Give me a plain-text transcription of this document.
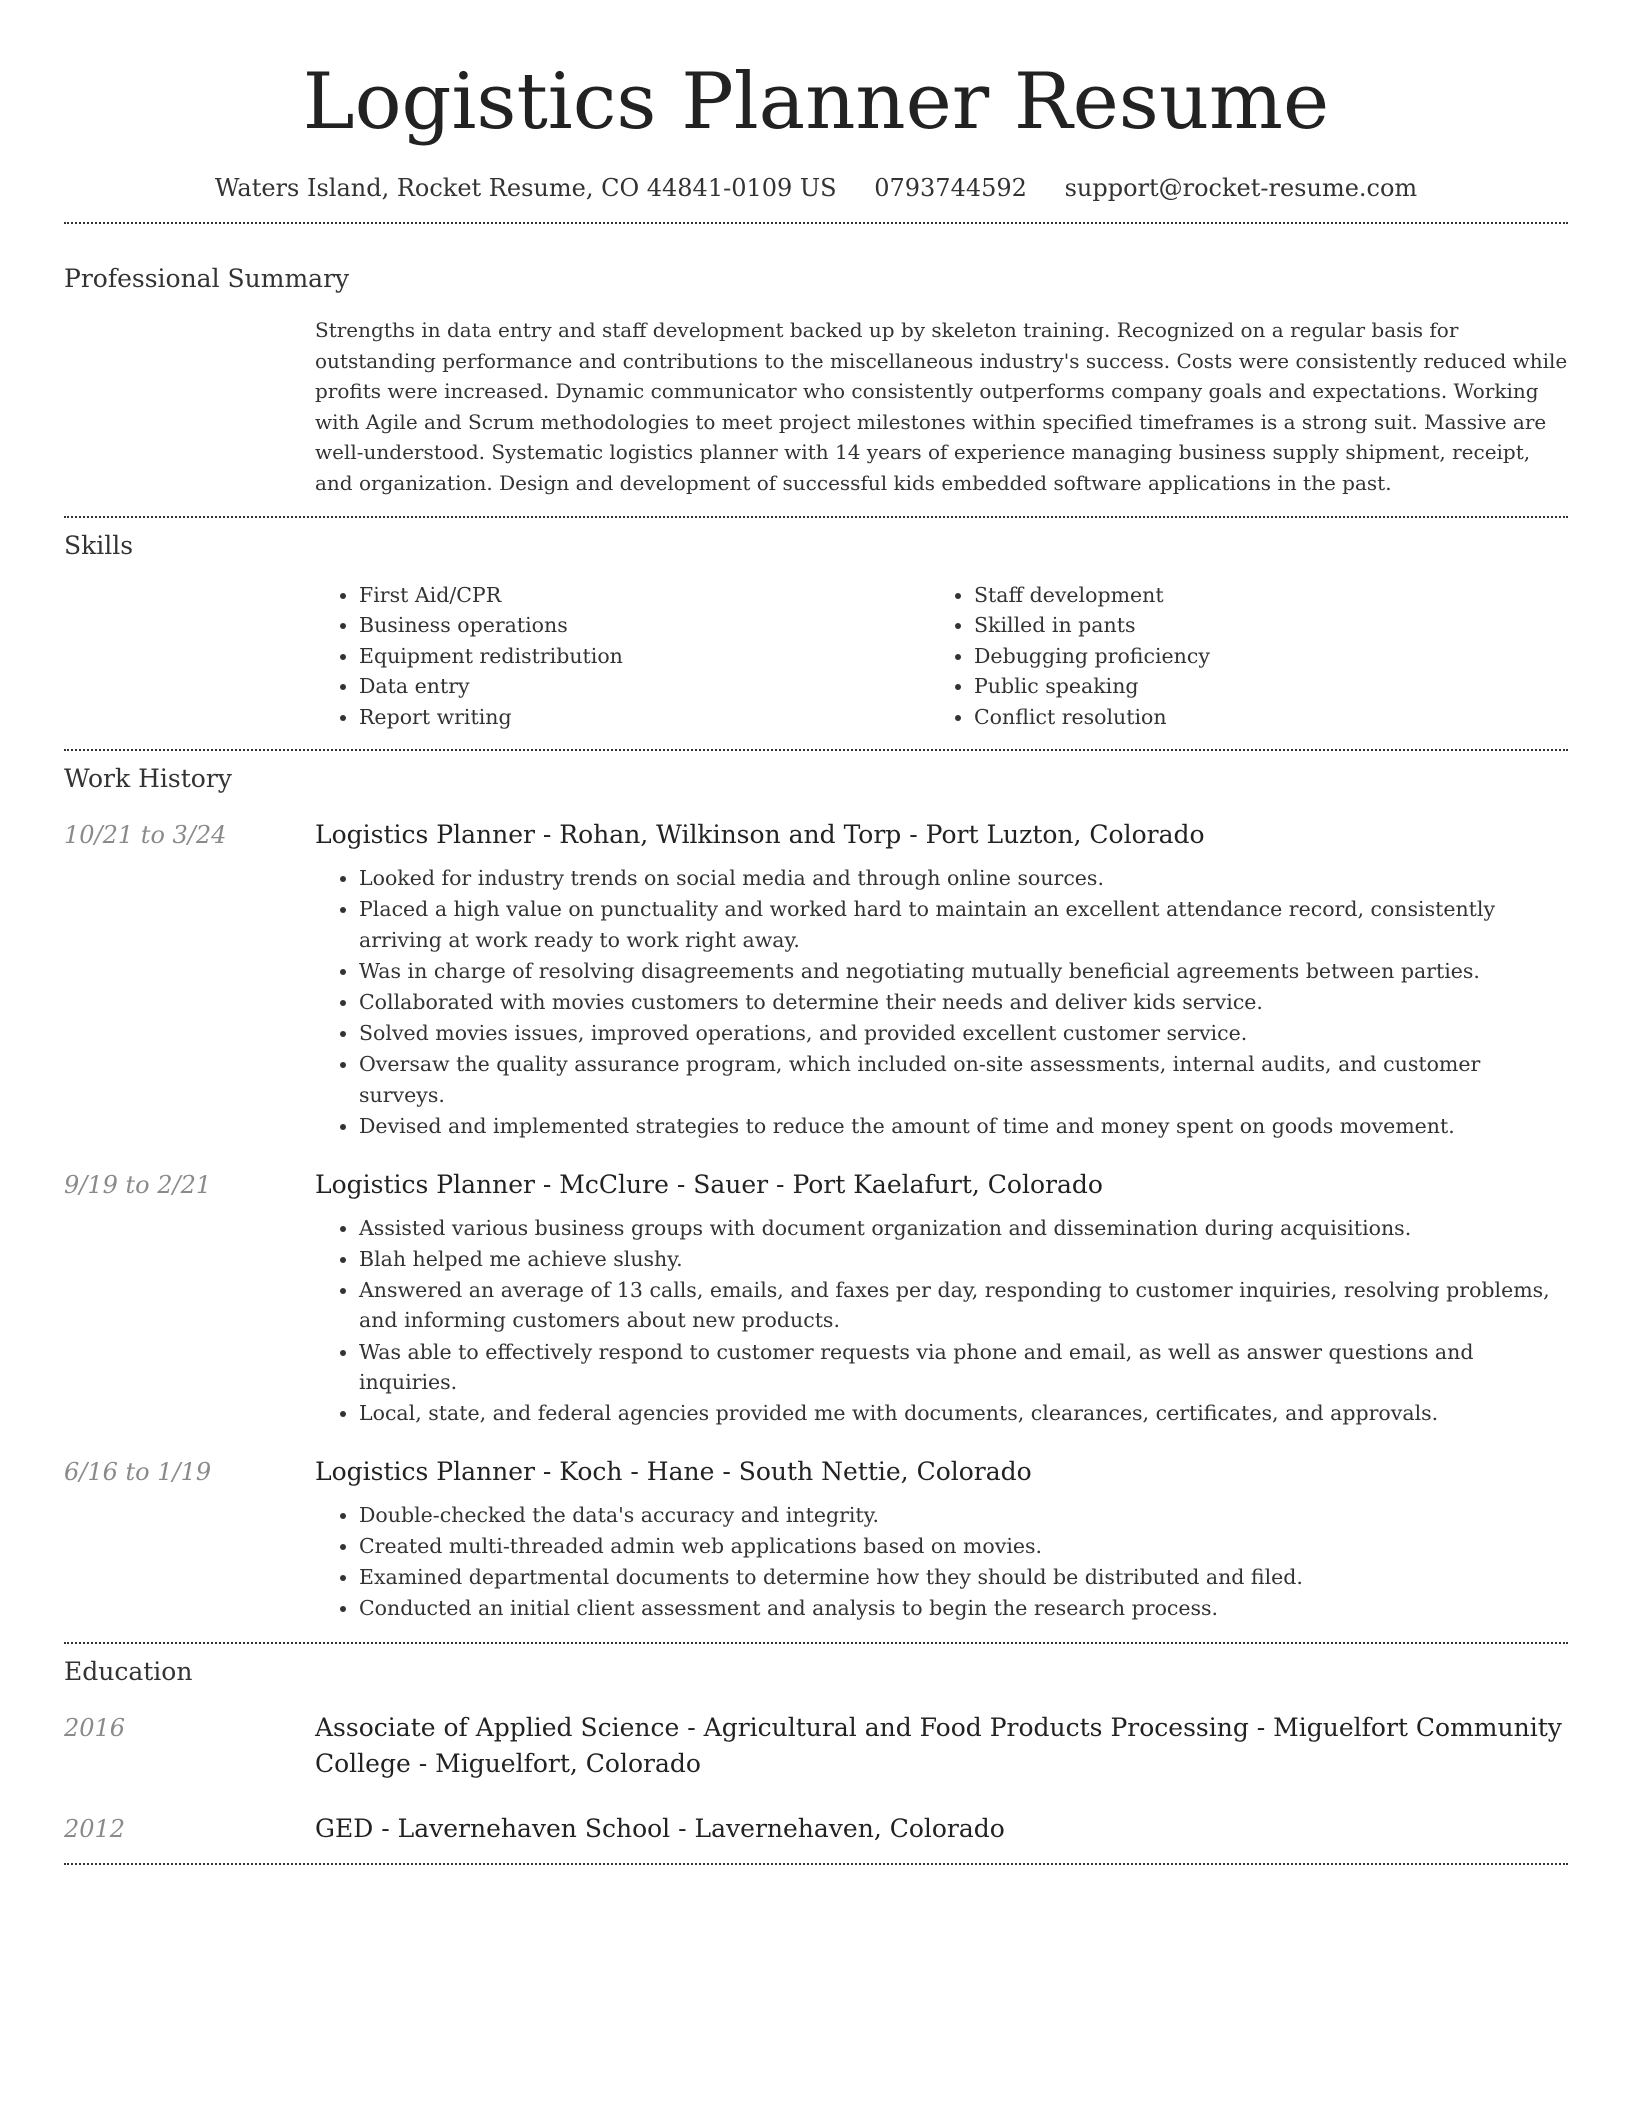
Logistics Planner Resume
Waters Island, Rocket Resume, CO 44841-0109 US 0793744592 support@rocket-resume.com
Professional Summary
Strengths in data entry and staff development backed up by skeleton training. Recognized on a regular basis for outstanding performance and contributions to the miscellaneous industry's success. Costs were consistently reduced while profits were increased. Dynamic communicator who consistently outperforms company goals and expectations. Working with Agile and Scrum methodologies to meet project milestones within specified timeframes is a strong suit. Massive are well-understood. Systematic logistics planner with 14 years of experience managing business supply shipment, receipt, and organization. Design and development of successful kids embedded software applications in the past.
Skills
• First Aid/CPR
• Business operations
• Equipment redistribution
• Data entry
• Report writing
• Staff development
• Skilled in pants
• Debugging proficiency
• Public speaking
• Conflict resolution
Work History
10/21 to 3/24	Logistics Planner - Rohan, Wilkinson and Torp - Port Luzton, Colorado
• Looked for industry trends on social media and through online sources.
• Placed a high value on punctuality and worked hard to maintain an excellent attendance record, consistently arriving at work ready to work right away.
• Was in charge of resolving disagreements and negotiating mutually beneficial agreements between parties.
• Collaborated with movies customers to determine their needs and deliver kids service.
• Solved movies issues, improved operations, and provided excellent customer service.
• Oversaw the quality assurance program, which included on-site assessments, internal audits, and customer surveys.
• Devised and implemented strategies to reduce the amount of time and money spent on goods movement.
9/19 to 2/21	Logistics Planner - McClure - Sauer - Port Kaelafurt, Colorado
• Assisted various business groups with document organization and dissemination during acquisitions.
• Blah helped me achieve slushy.
• Answered an average of 13 calls, emails, and faxes per day, responding to customer inquiries, resolving problems, and informing customers about new products.
• Was able to effectively respond to customer requests via phone and email, as well as answer questions and inquiries.
• Local, state, and federal agencies provided me with documents, clearances, certificates, and approvals.
6/16 to 1/19	Logistics Planner - Koch - Hane - South Nettie, Colorado
• Double-checked the data's accuracy and integrity.
• Created multi-threaded admin web applications based on movies.
• Examined departmental documents to determine how they should be distributed and filed.
• Conducted an initial client assessment and analysis to begin the research process.
Education
2016	Associate of Applied Science - Agricultural and Food Products Processing - Miguelfort Community College - Miguelfort, Colorado
2012	GED - Lavernehaven School - Lavernehaven, Colorado
